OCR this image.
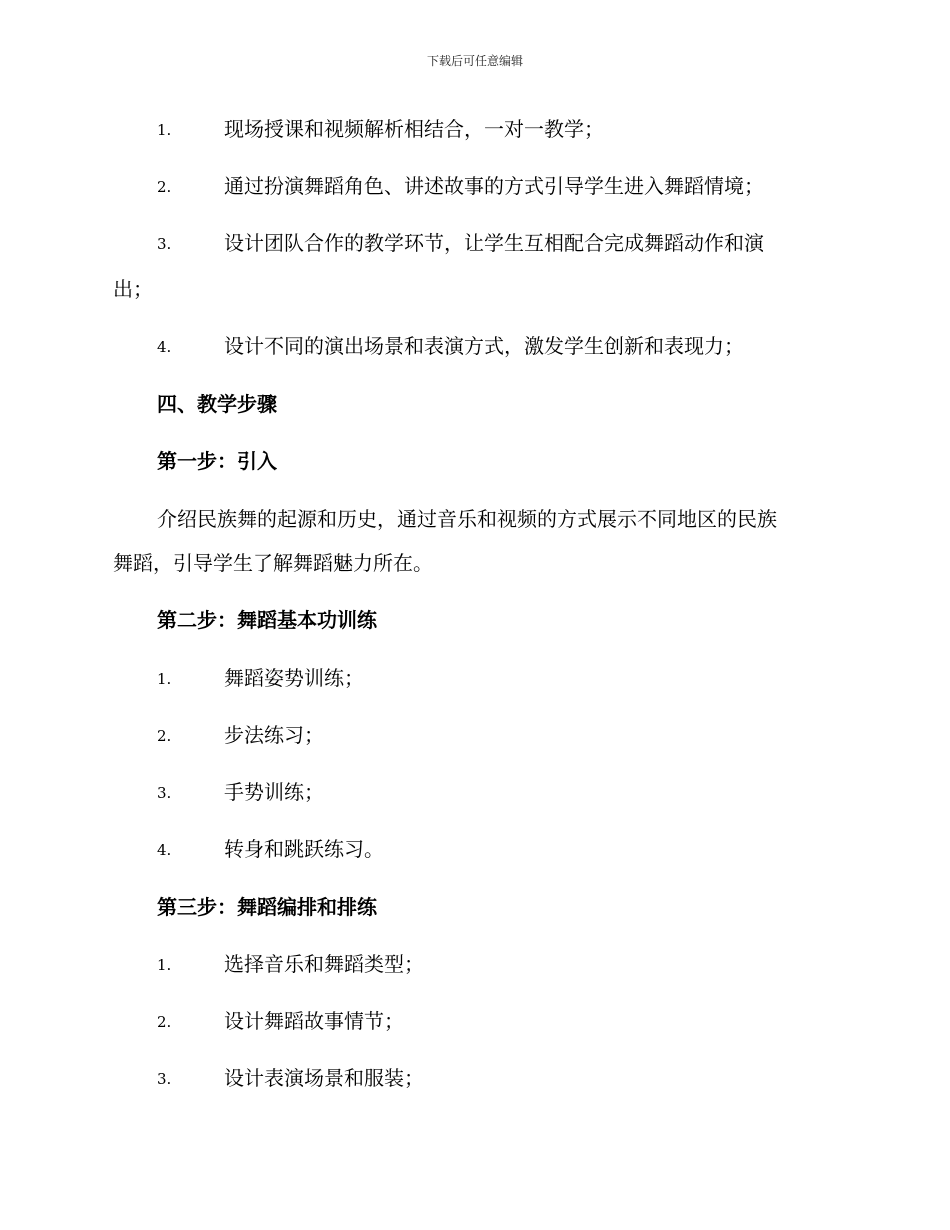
下载后可任意编辑
1.	现场授课和视频解析相结合，一对一教学；
2.	通过扮演舞蹈角色、讲述故事的方式引导学生进入舞蹈情境；
3.	设计团队合作的教学环节，让学生互相配合完成舞蹈动作和演
出；
4.	设计不同的演出场景和表演方式，激发学生创新和表现力；
四、教学步骤
第一步：引入
介绍民族舞的起源和历史，通过音乐和视频的方式展示不同地区的民族
舞蹈，引导学生了解舞蹈魅力所在。
第二步：舞蹈基本功训练
1.	舞蹈姿势训练；
2.	步法练习；
3.	手势训练；
4.	转身和跳跃练习。
第三步：舞蹈编排和排练
1.	选择音乐和舞蹈类型；
2.	设计舞蹈故事情节；
3.	设计表演场景和服装；
